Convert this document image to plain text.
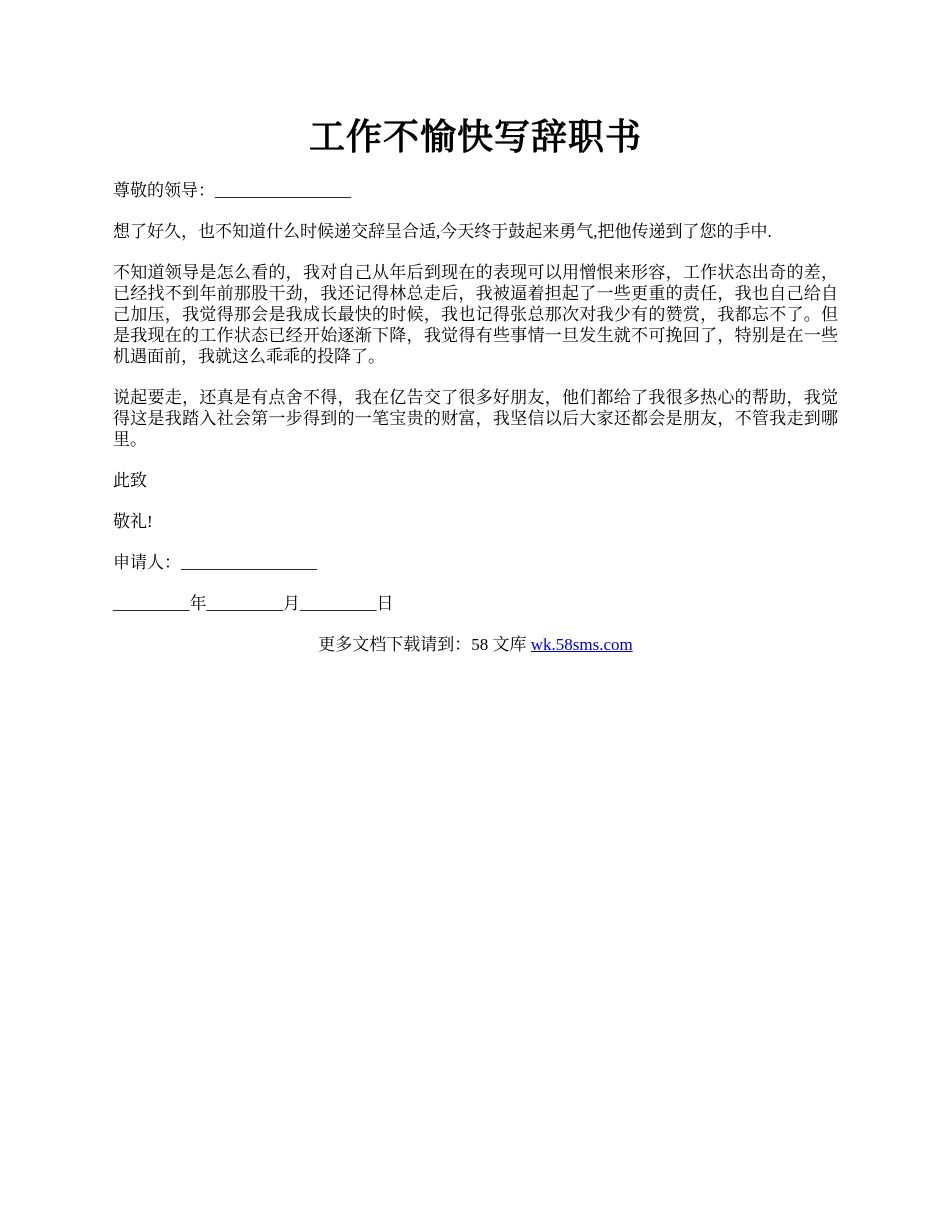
工作不愉快写辞职书

尊敬的领导：________________

想了好久，也不知道什么时候递交辞呈合适,今天终于鼓起来勇气,把他传递到了您的手中.

不知道领导是怎么看的，我对自己从年后到现在的表现可以用憎恨来形容，工作状态出奇的差，已经找不到年前那股干劲，我还记得林总走后，我被逼着担起了一些更重的责任，我也自己给自己加压，我觉得那会是我成长最快的时候，我也记得张总那次对我少有的赞赏，我都忘不了。但是我现在的工作状态已经开始逐渐下降，我觉得有些事情一旦发生就不可挽回了，特别是在一些机遇面前，我就这么乖乖的投降了。

说起要走，还真是有点舍不得，我在亿告交了很多好朋友，他们都给了我很多热心的帮助，我觉得这是我踏入社会第一步得到的一笔宝贵的财富，我坚信以后大家还都会是朋友，不管我走到哪里。

此致

敬礼!

申请人：________________

_________年_________月_________日

更多文档下载请到：58 文库 wk.58sms.com
